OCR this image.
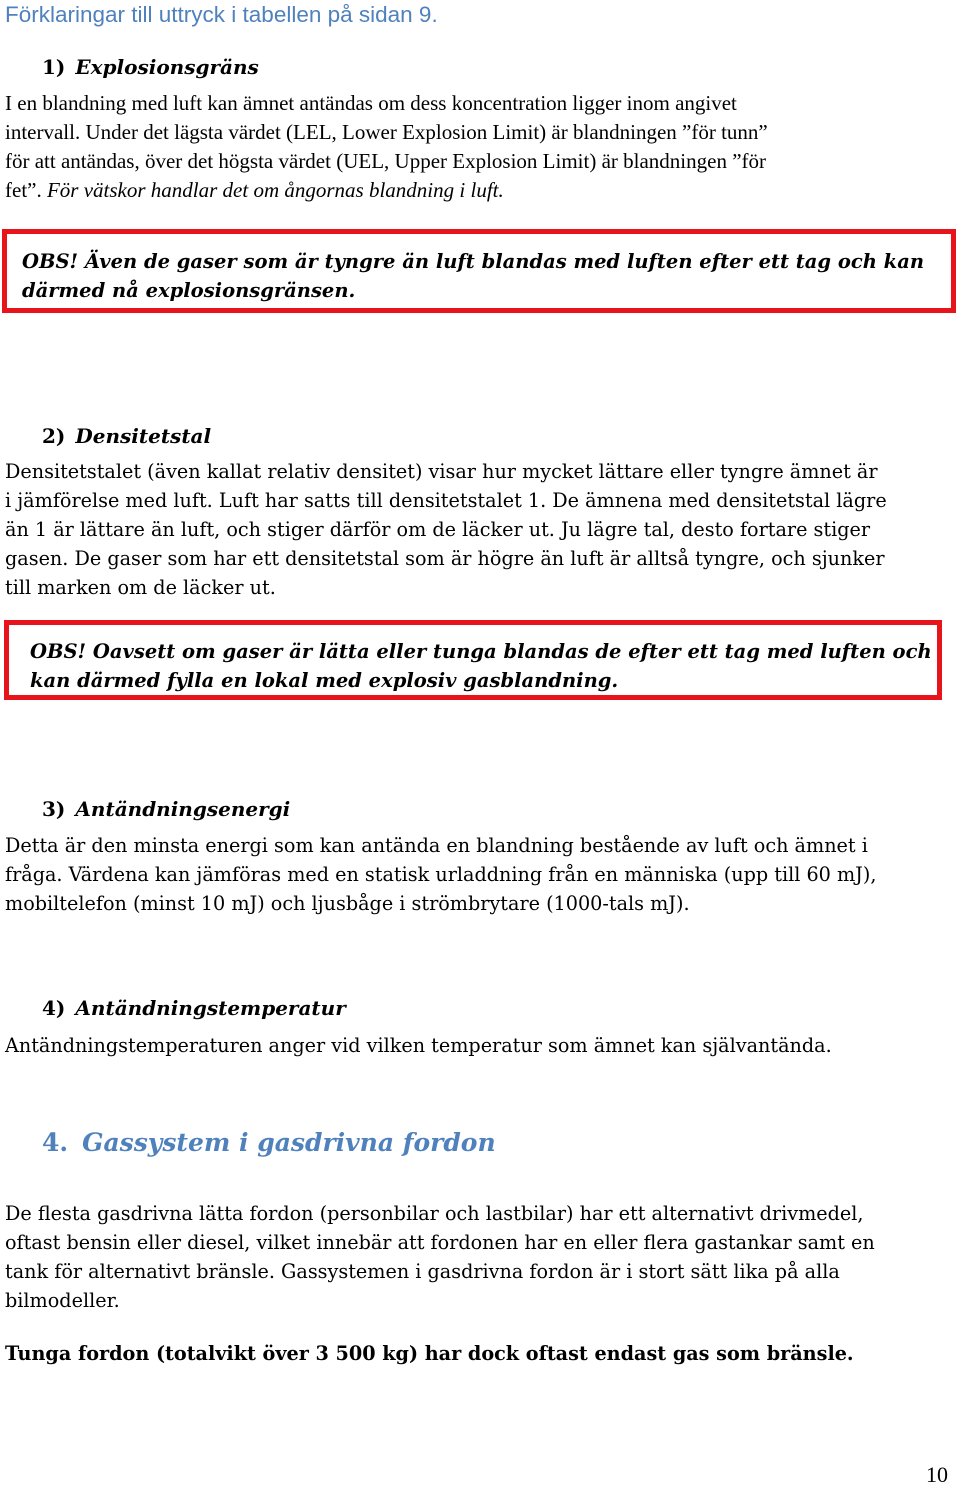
Förklaringar till uttryck i tabellen på sidan 9.
1) Explosionsgräns
I en blandning med luft kan ämnet antändas om dess koncentration ligger inom angivet
intervall. Under det lägsta värdet (LEL, Lower Explosion Limit) är blandningen ”för tunn”
för att antändas, över det högsta värdet (UEL, Upper Explosion Limit) är blandningen ”för
fet”. För vätskor handlar det om ångornas blandning i luft.
OBS! Även de gaser som är tyngre än luft blandas med luften efter ett tag och kan
därmed nå explosionsgränsen.
2) Densitetstal
Densitetstalet (även kallat relativ densitet) visar hur mycket lättare eller tyngre ämnet är
i jämförelse med luft. Luft har satts till densitetstalet 1. De ämnena med densitetstal lägre
än 1 är lättare än luft, och stiger därför om de läcker ut. Ju lägre tal, desto fortare stiger
gasen. De gaser som har ett densitetstal som är högre än luft är alltså tyngre, och sjunker
till marken om de läcker ut.
OBS! Oavsett om gaser är lätta eller tunga blandas de efter ett tag med luften och
kan därmed fylla en lokal med explosiv gasblandning.
3) Antändningsenergi
Detta är den minsta energi som kan antända en blandning bestående av luft och ämnet i
fråga. Värdena kan jämföras med en statisk urladdning från en människa (upp till 60 mJ),
mobiltelefon (minst 10 mJ) och ljusbåge i strömbrytare (1000-tals mJ).
4) Antändningstemperatur
Antändningstemperaturen anger vid vilken temperatur som ämnet kan självantända.
4. Gassystem i gasdrivna fordon
De flesta gasdrivna lätta fordon (personbilar och lastbilar) har ett alternativt drivmedel,
oftast bensin eller diesel, vilket innebär att fordonen har en eller flera gastankar samt en
tank för alternativt bränsle. Gassystemen i gasdrivna fordon är i stort sätt lika på alla
bilmodeller.
Tunga fordon (totalvikt över 3 500 kg) har dock oftast endast gas som bränsle.
10
